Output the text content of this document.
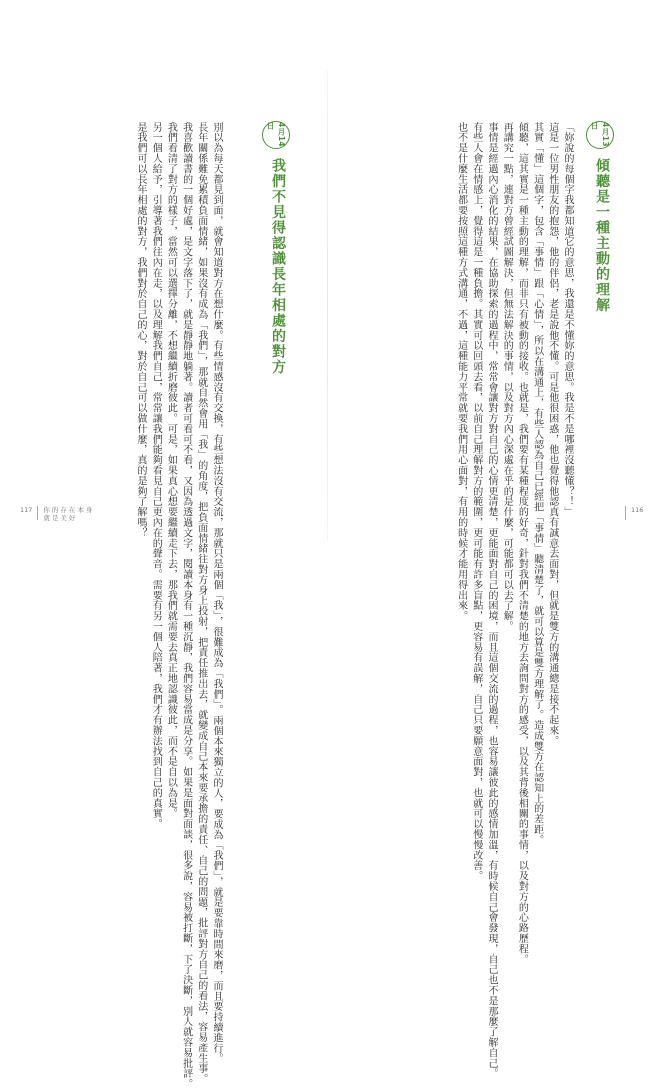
別以為每天都見到面，就會知道對方在想什麼。有些情感沒有交換，有些想法沒有交流，那就只是兩個「我」，很難成為「我們」。兩個本來獨立的人，要成為「我們」，就是要靠時間來磨，而且要持續進行。

長年關係難免累積負面情緒，如果沒有成為「我們」，那就自然會用「我」的角度，把負面情緒往對方身上投射，把責任推出去，就變成自己本來要承擔的責任、自己的問題，批評對方自己的看法，容易產生事。

我喜歡讀書的一個好處，是文字落下了，就是靜靜地躺著。讀者可看可不看，又因為透過文字，閱讀本身有一種沉靜，我們容易當成是分享。如果是面對面談，很多說，容易被打斷，下了決斷，別人就容易批評。

我們看清了對方的樣子，當然可以選擇分離，不想繼續折磨彼此。可是，如果真心想要繼續走下去，那我們就需要去真正地認識彼此，而不是自以為是。

另一個人給予，引導著我們往內在走，以及理解我們自己，常常讓我們能夠看見自己更內在的聲音。需要有另一個人陪著，我們才有辦法找到自己的真實。

是我們可以長年相處的對方，我們對於自己的心，對於自己可以做什麼，真的是夠了解嗎？	4月14日
我們不見得認識長年相處的對方
117 你的存在本身
就是美好
4月13日
傾聽是一種主動的理解

「妳說的每個字我都知道它的意思，我還是不懂妳的意思。我是不是哪裡沒聽懂？！」

這是一位男性朋友的抱怨，他的伴侶，老是說他不懂。可是他很困惑，他也覺得他認真有誠意去面對，但就是雙方的溝通總是接不起來。

其實「懂」這個字，包含「事情」跟「心情」，所以在溝通上，有些人認為自己已經把「事情」聽清楚了，就可以算是雙方理解了。造成雙方在認知上的差距。

傾聽，這其實是一種主動的理解，而非只有被動的接收。也就是，我們要有某種程度的好奇，針對我們不清楚的地方去詢問對方的感受，以及其背後相關的事情，以及對方的心路歷程。

再講究一點，連對方曾經試圖解決，但無法解決的事情，以及對方內心深處在乎的是什麼，可能都可以去了解。

事情是經過內心消化的結果，在協助探索的過程中，常常會讓對方對自己的心情更清楚，更能面對自己的困境，而且這個交流的過程，也容易讓彼此的感情加溫，有時候自己會發現，自己也不是那麼了解自己。

有些人會在情感上，覺得這是一種負擔。其實可以回頭去看，以前自己理解對方的範圍，更可能有許多盲點，更容易有誤解，自己只要願意面對，也就可以慢慢改善。

也不是什麼生活都要按照這種方式溝通，不過，這種能力平常就要我們用心面對，有用的時候才能用得出來。	116
